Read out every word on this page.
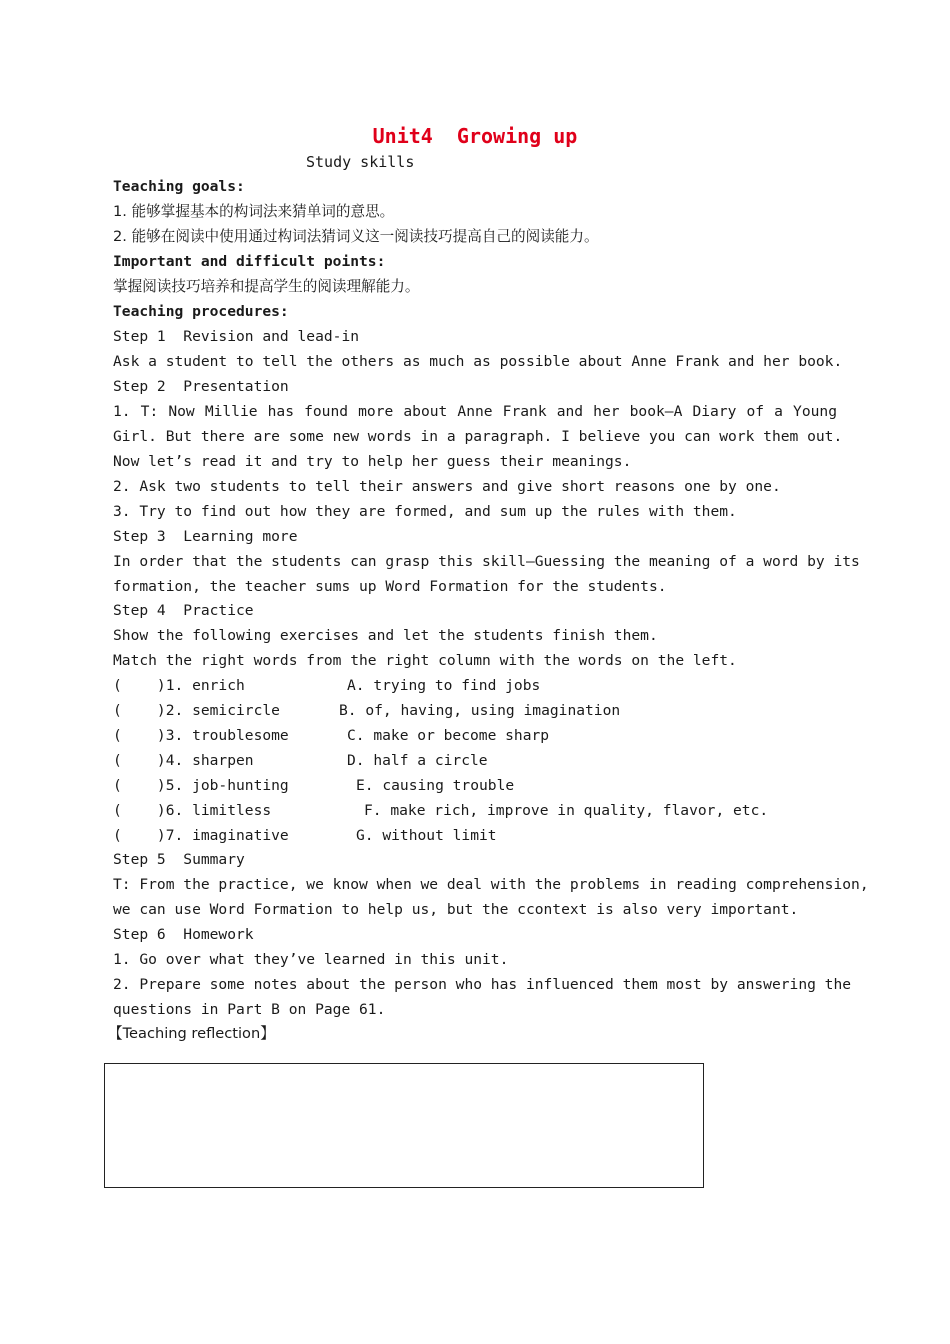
Unit4  Growing up
Study skills
Teaching goals:
1. 能够掌握基本的构词法来猜单词的意思。
2. 能够在阅读中使用通过构词法猜词义这一阅读技巧提高自己的阅读能力。
Important and difficult points:
掌握阅读技巧培养和提高学生的阅读理解能力。
Teaching procedures:
Step 1  Revision and lead-in
Ask a student to tell the others as much as possible about Anne Frank and her book.
Step 2  Presentation
1. T: Now Millie has found more about Anne Frank and her book—A Diary of a Young
Girl. But there are some new words in a paragraph. I believe you can work them out.
Now let’s read it and try to help her guess their meanings.
2. Ask two students to tell their answers and give short reasons one by one.
3. Try to find out how they are formed, and sum up the rules with them.
Step 3  Learning more
In order that the students can grasp this skill—Guessing the meaning of a word by its
formation, the teacher sums up Word Formation for the students.
Step 4  Practice
Show the following exercises and let the students finish them.
Match the right words from the right column with the words on the left.
(    )1. enrich	A. trying to find jobs
(    )2. semicircle	B. of, having, using imagination
(    )3. troublesome	C. make or become sharp
(    )4. sharpen	D. half a circle
(    )5. job-hunting	E. causing trouble
(    )6. limitless	F. make rich, improve in quality, flavor, etc.
(    )7. imaginative	G. without limit
Step 5  Summary
T: From the practice, we know when we deal with the problems in reading comprehension,
we can use Word Formation to help us, but the ccontext is also very important.
Step 6  Homework
1. Go over what they’ve learned in this unit.
2. Prepare some notes about the person who has influenced them most by answering the
questions in Part B on Page 61.
【Teaching reflection】
